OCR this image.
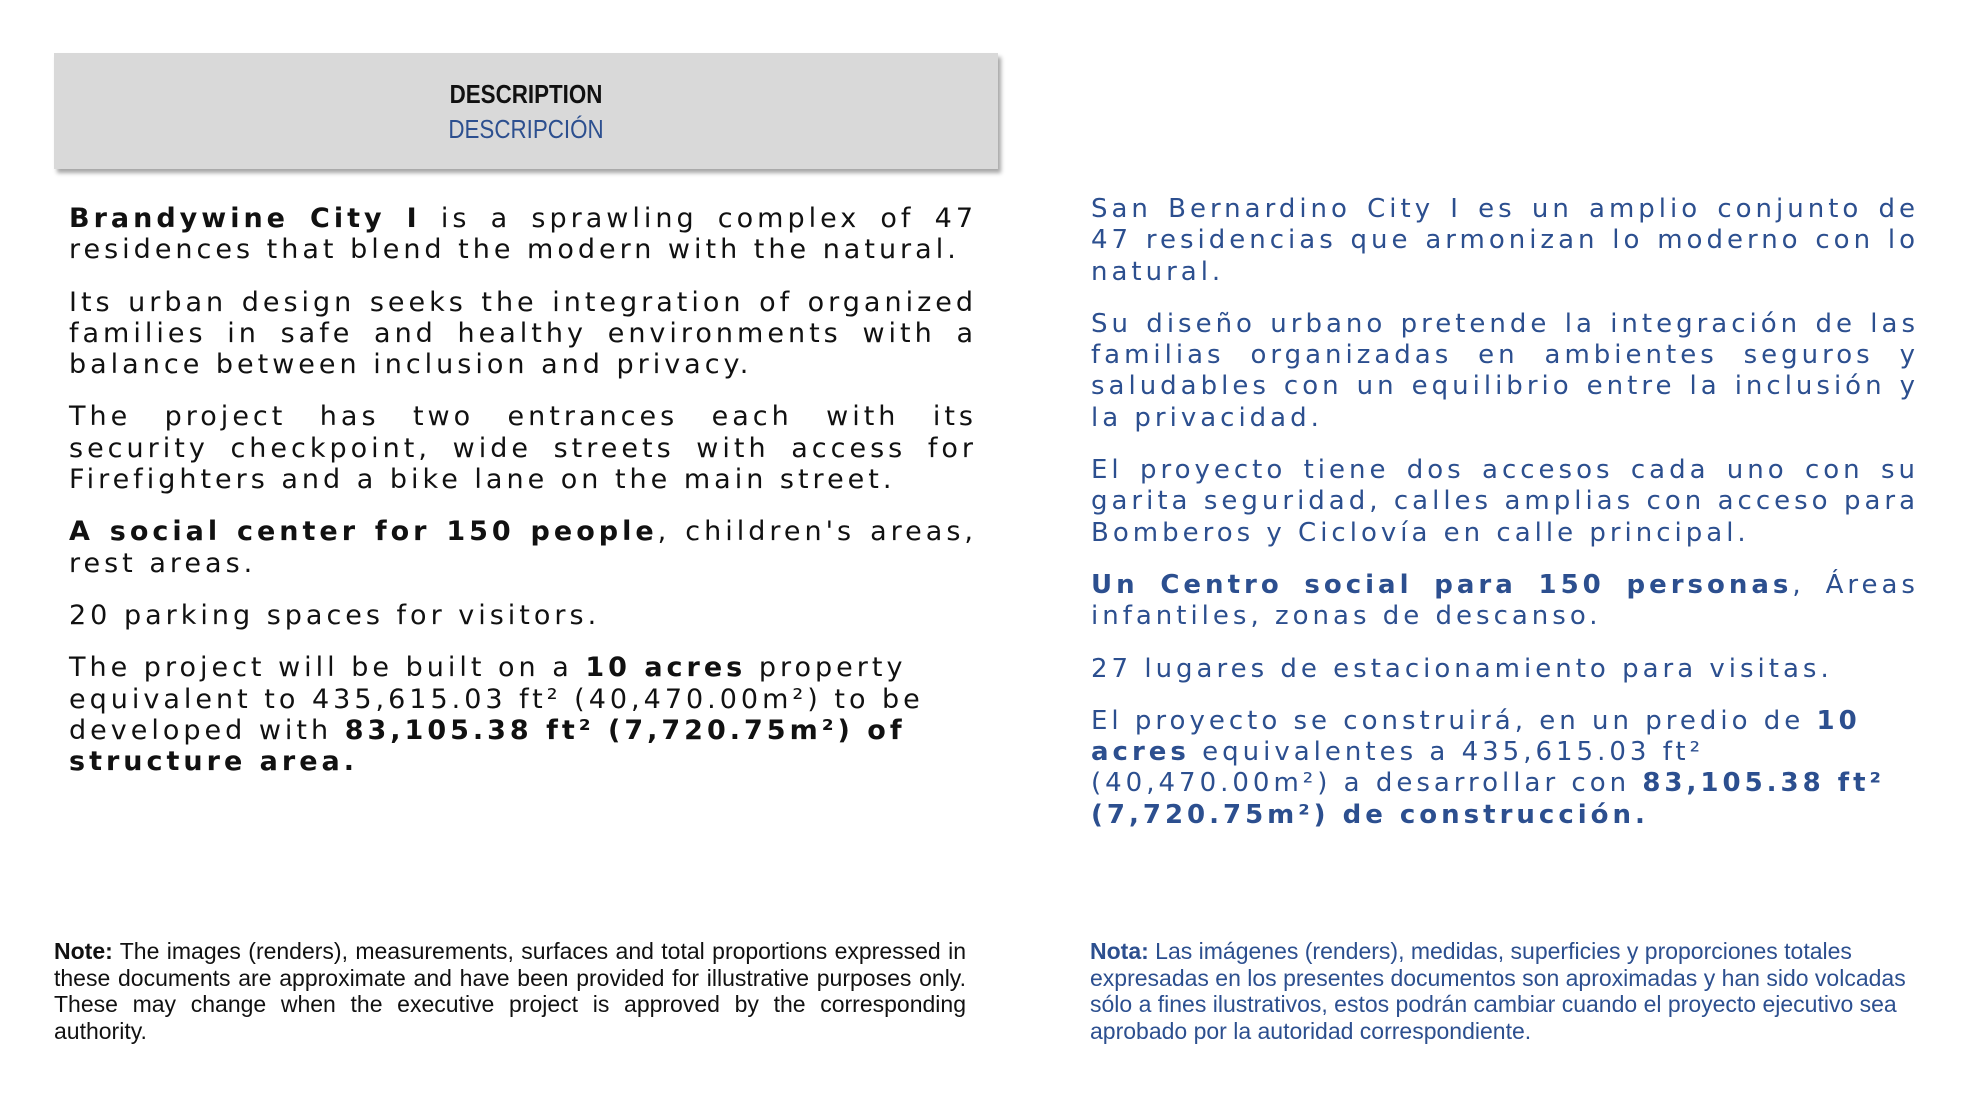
DESCRIPTION
DESCRIPCIÓN

Brandywine City I is a sprawling complex of 47 residences that blend the modern with the natural.

Its urban design seeks the integration of organized families in safe and healthy environments with a balance between inclusion and privacy.

The project has two entrances each with its security checkpoint, wide streets with access for Firefighters and a bike lane on the main street.

A social center for 150 people, children's areas, rest areas.

20 parking spaces for visitors.

The project will be built on a 10 acres property equivalent to 435,615.03 ft² (40,470.00m²) to be developed with 83,105.38 ft² (7,720.75m²) of structure area.

San Bernardino City I es un amplio conjunto de 47 residencias que armonizan lo moderno con lo natural.

Su diseño urbano pretende la integración de las familias organizadas en ambientes seguros y saludables con un equilibrio entre la inclusión y la privacidad.

El proyecto tiene dos accesos cada uno con su garita seguridad, calles amplias con acceso para Bomberos y Ciclovía en calle principal.

Un Centro social para 150 personas, Áreas infantiles, zonas de descanso.

27 lugares de estacionamiento para visitas.

El proyecto se construirá, en un predio de 10 acres equivalentes a 435,615.03 ft² (40,470.00m²) a desarrollar con 83,105.38 ft² (7,720.75m²) de construcción.

Note: The images (renders), measurements, surfaces and total proportions expressed in these documents are approximate and have been provided for illustrative purposes only. These may change when the executive project is approved by the corresponding authority.
Nota: Las imágenes (renders), medidas, superficies y proporciones totales expresadas en los presentes documentos son aproximadas y han sido volcadas sólo a fines ilustrativos, estos podrán cambiar cuando el proyecto ejecutivo sea aprobado por la autoridad correspondiente.
